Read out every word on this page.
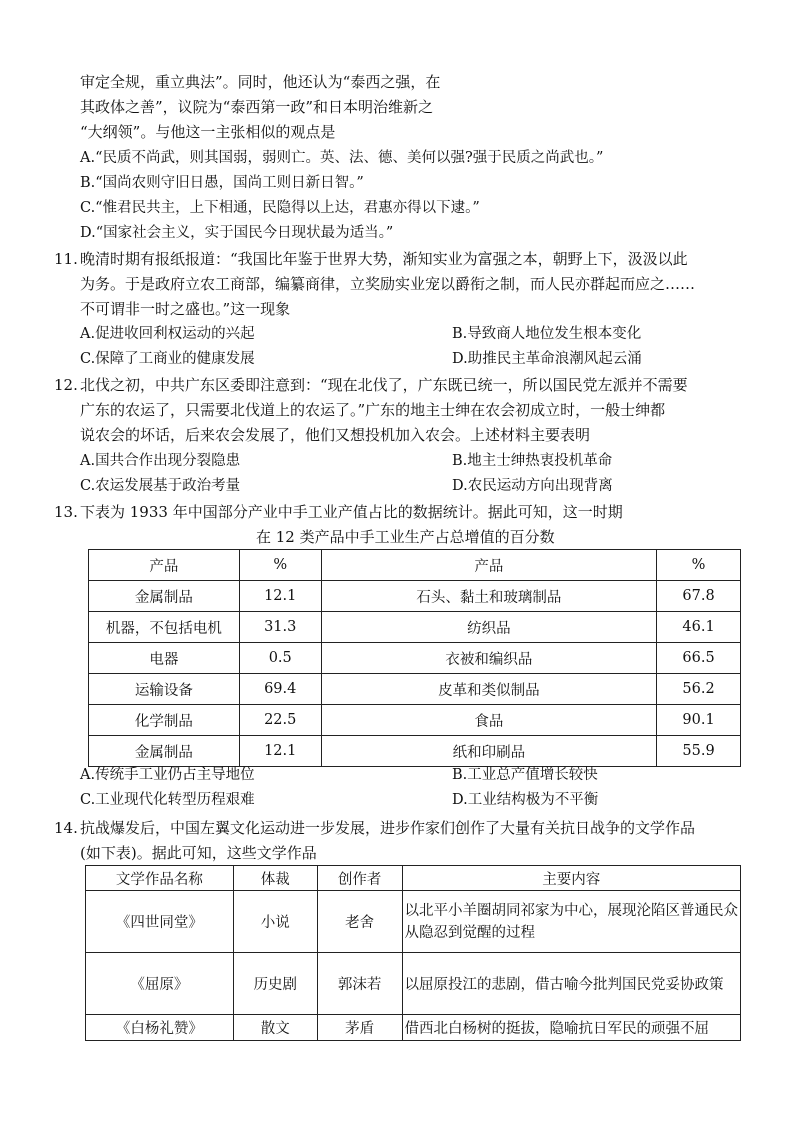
审定全规，重立典法”。同时，他还认为“泰西之强，在
其政体之善”，议院为“泰西第一政”和日本明治维新之
“大纲领”。与他这一主张相似的观点是
A.“民质不尚武，则其国弱，弱则亡。英、法、德、美何以强?强于民质之尚武也。”
B.“国尚农则守旧日愚，国尚工则日新日智。”
C.“惟君民共主，上下相通，民隐得以上达，君惠亦得以下逮。”
D.“国家社会主义，实于国民今日现状最为适当。”
11. 晚清时期有报纸报道：“我国比年鉴于世界大势，渐知实业为富强之本，朝野上下，汲汲以此
为务。于是政府立农工商部，编纂商律，立奖励实业宠以爵衔之制，而人民亦群起而应之……
不可谓非一时之盛也。”这一现象
A.促进收回利权运动的兴起	B.导致商人地位发生根本变化
C.保障了工商业的健康发展	D.助推民主革命浪潮风起云涌
12. 北伐之初，中共广东区委即注意到：“现在北伐了，广东既已统一，所以国民党左派并不需要
广东的农运了，只需要北伐道上的农运了。”广东的地主士绅在农会初成立时，一般士绅都
说农会的坏话，后来农会发展了，他们又想投机加入农会。上述材料主要表明
A.国共合作出现分裂隐患	B.地主士绅热衷投机革命
C.农运发展基于政治考量	D.农民运动方向出现背离
13. 下表为 1933 年中国部分产业中手工业产值占比的数据统计。据此可知，这一时期
在 12 类产品中手工业生产占总增值的百分数
产品	%	产品	%
金属制品	12.1	石头、黏土和玻璃制品	67.8
机器，不包括电机	31.3	纺织品	46.1
电器	0.5	衣被和编织品	66.5
运输设备	69.4	皮革和类似制品	56.2
化学制品	22.5	食品	90.1
金属制品	12.1	纸和印刷品	55.9
A.传统手工业仍占主导地位	B.工业总产值增长较快
C.工业现代化转型历程艰难	D.工业结构极为不平衡
14. 抗战爆发后，中国左翼文化运动进一步发展，进步作家们创作了大量有关抗日战争的文学作品
(如下表)。据此可知，这些文学作品
文学作品名称	体裁	创作者	主要内容
《四世同堂》	小说	老舍	以北平小羊圈胡同祁家为中心，展现沦陷区普通民众从隐忍到觉醒的过程
《屈原》	历史剧	郭沫若	以屈原投江的悲剧，借古喻今批判国民党妥协政策
《白杨礼赞》	散文	茅盾	借西北白杨树的挺拔，隐喻抗日军民的顽强不屈
